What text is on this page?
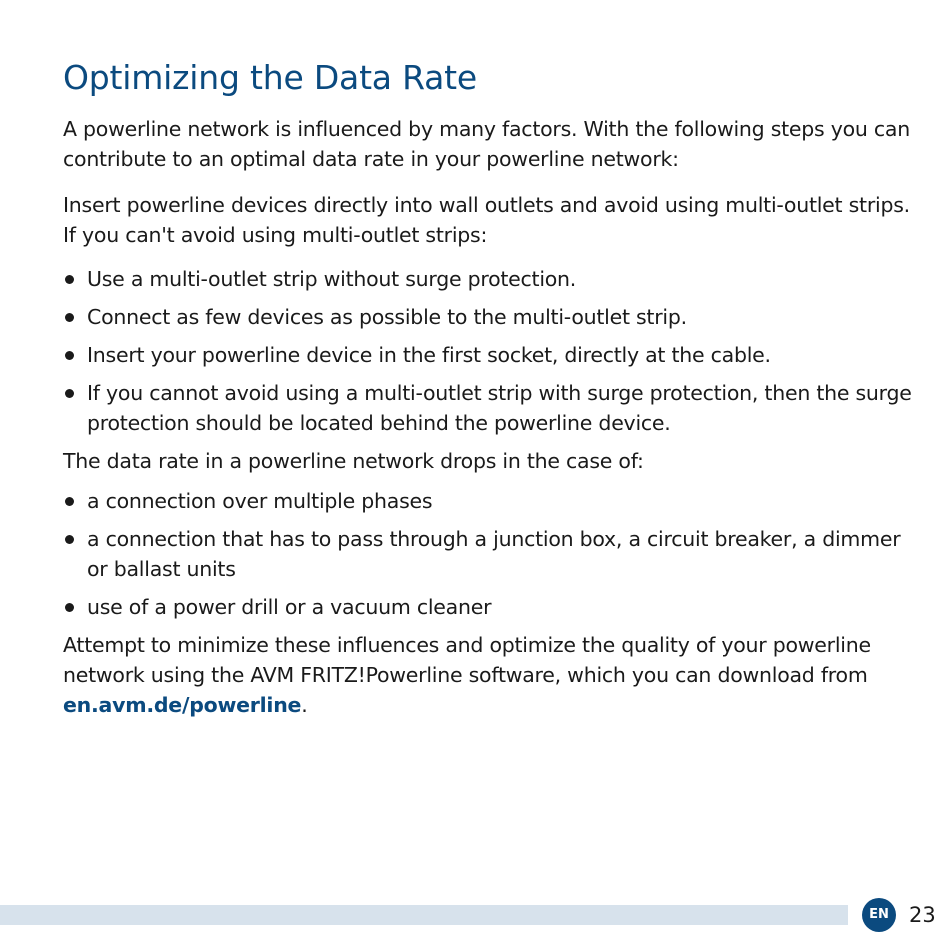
Optimizing the Data Rate

A powerline network is influenced by many factors. With the following steps you can contribute to an optimal data rate in your powerline network:

Insert powerline devices directly into wall outlets and avoid using multi-outlet strips.

If you can't avoid using multi-outlet strips:

Use a multi-outlet strip without surge protection.
Connect as few devices as possible to the multi-outlet strip.
Insert your powerline device in the first socket, directly at the cable.
If you cannot avoid using a multi-outlet strip with surge protection, then the surge protection should be located behind the powerline device.

The data rate in a powerline network drops in the case of:

a connection over multiple phases
a connection that has to pass through a junction box, a circuit breaker, a dimmer or ballast units
use of a power drill or a vacuum cleaner

Attempt to minimize these influences and optimize the quality of your powerline network using the AVM FRITZ!Powerline software, which you can download from en.avm.de/powerline.

EN 23
